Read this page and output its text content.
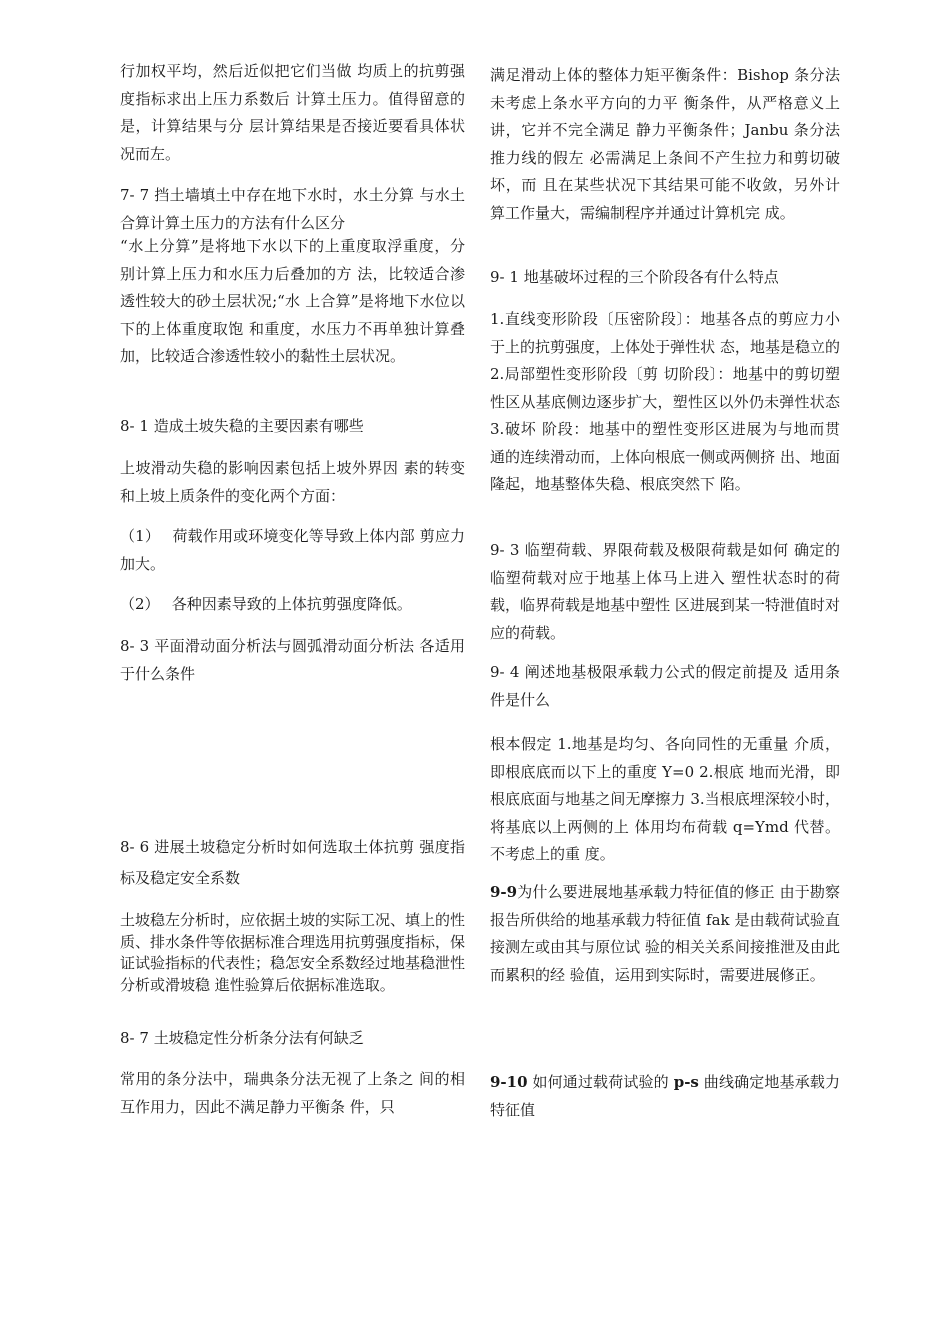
行加权平均，然后近似把它们当做 均质上的抗剪强度指标求出上压力系数后 计算土压力。值得留意的是，计算结果与分 层计算结果是否接近要看具体状况而左。

7- 7 挡土墙填土中存在地下水时，水土分算 与水土合算计算土压力的方法有什么区分

“水上分算”是将地下水以下的上重度取浮重度，分别计算上压力和水压力后叠加的方 法，比较适合渗透性较大的砂土层状况;“水 上合算”是将地下水位以下的上体重度取饱 和重度，水压力不再单独计算叠加，比较适合渗透性较小的黏性土层状况。

8- 1 造成土坡失稳的主要因素有哪些

上坡滑动失稳的影响因素包括上坡外界因 素的转变和上坡上质条件的变化两个方面：

（1）　 荷载作用或环境变化等导致上体内部 剪应力加大。

（2）　 各种因素导致的上体抗剪强度降低。

8- 3 平面滑动面分析法与圆弧滑动面分析法 各适用于什么条件

8- 6 进展土坡稳定分析时如何选取土体抗剪 强度指标及稳定安全系数

土坡稳左分析时，应依据土坡的实际工况、填上的性质、排水条件等依据标准合理选用抗剪强度指标，保证试验指标的代表性；稳怎安全系数经过地基稳泄性分析或滑坡稳 進性验算后依据标准选取。

8- 7 土坡稳定性分析条分法有何缺乏

常用的条分法中，瑞典条分法无视了上条之 间的相互作用力，因此不满足静力平衡条 件，只

满足滑动上体的整体力矩平衡条件：Bishop 条分法未考虑上条水平方向的力平 衡条件，从严格意义上讲，它并不完全满足 静力平衡条件；Janbu 条分法推力线的假左 必需满足上条间不产生拉力和剪切破坏，而 且在某些状况下其结果可能不收敛，另外计 算工作量大，需编制程序并通过计算机完 成。

9- 1 地基破坏过程的三个阶段各有什么特点

1.直线变形阶段〔压密阶段〕：地基各点的剪应力小于上的抗剪强度，上体处于弹性状 态，地基是稳立的 2.局部塑性变形阶段〔剪 切阶段〕：地基中的剪切塑性区从基底侧边逐步扩大，塑性区以外仍未弹性状态 3.破坏 阶段：地基中的塑性变形区进展为与地而贯 通的连续滑动而，上体向根底一侧或两侧挤 出、地面隆起，地基整体失稳、根底突然下 陷。

9- 3 临塑荷载、界限荷载及极限荷载是如何 确定的临塑荷载对应于地基上体马上进入 塑性状态时的荷载，临界荷载是地基中塑性 区进展到某一特泄值时对应的荷载。

9- 4 阐述地基极限承载力公式的假定前提及 适用条件是什么

根本假定 1.地基是均匀、各向同性的无重量 介质，即根底底而以下上的重度 Y=0 2.根底 地而光滑，即根底底面与地基之间无摩擦力 3.当根底埋深较小时，将基底以上两侧的上 体用均布荷载 q=Ymd 代替。不考虑上的重 度。

9-9为什么要进展地基承载力特征值的修正 由于勘察报告所供给的地基承载力特征值 fak 是由载荷试验直接测左或由其与原位试 验的相关关系间接推泄及由此而累积的经 验值，运用到实际时，需要进展修正。

9-10 如何通过载荷试验的 p-s 曲线确定地基承载力特征值
